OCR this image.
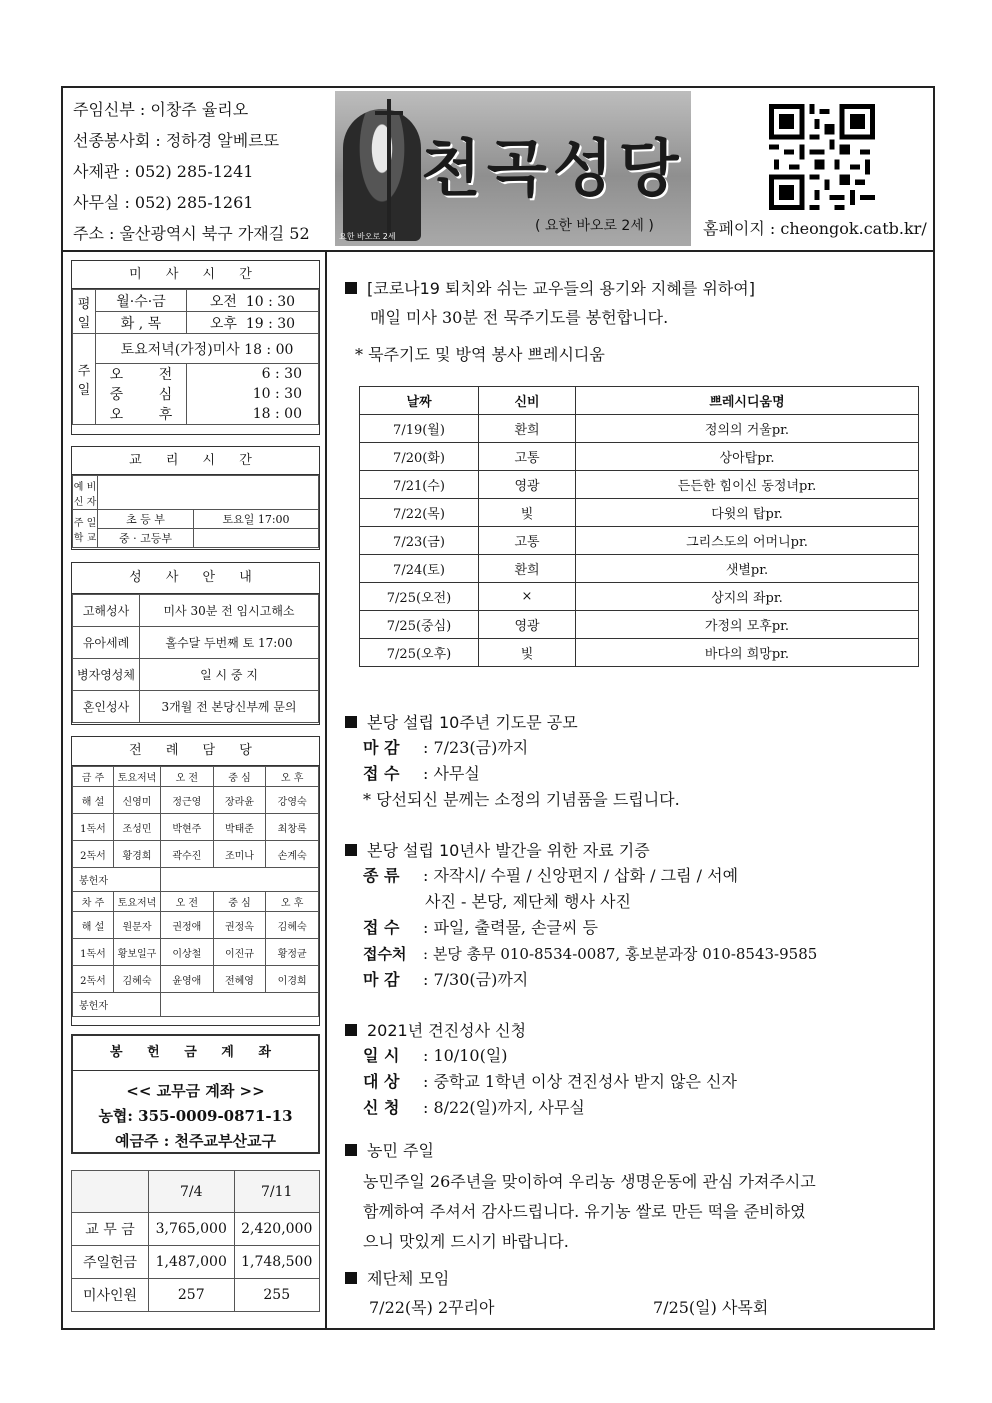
주임신부 : 이창주 율리오
선종봉사회 : 정하경 알베르또
사제관 : 052) 285-1241
사무실 : 052) 285-1261
주소 : 울산광역시 북구 가재길 52
천곡성당
( 요한 바오로 2세 )
요한 바오로 2세	홈페이지 : cheongok.catb.kr/
미 사 시 간
평일	월·수·금	오전  10 : 30
	화 , 목	오후  19 : 30
주일	토요저녁(가정)미사 18 : 00	
	오        전	6 : 30
	중        심	10 : 30
	오        후	18 : 00
교 리 시 간
예 비 신 자		
주 일 학 교	초 등 부	토요일 17:00
	중 · 고등부	
성 사 안 내
고해성사	미사 30분 전 임시고해소
유아세례	홀수달 두번째 토 17:00
병자영성체	일 시 중 지
혼인성사	3개월 전 본당신부께 문의
전 례 담 당
금 주	토요저녁	오 전	중 심	오 후
해 설	신영미	정근영	장라윤	강영숙
1독서	조성민	박현주	박태준	최창록
2독서	황경희	곽수진	조미나	손계숙
봉헌자				
차 주	토요저녁	오 전	중 심	오 후
해 설	원문자	권정애	권정옥	김혜숙
1독서	황보일구	이상철	이진규	황정균
2독서	김혜숙	윤영애	전혜영	이경희
봉헌자				
봉 헌 금 계 좌
<< 교무금 계좌 >>
농협: 355-0009-0871-13
예금주 : 천주교부산교구
	7/4	7/11
교 무 금	3,765,000	2,420,000
주일헌금	1,487,000	1,748,500
미사인원	257	255
[코로나19 퇴치와 쉬는 교우들의 용기와 지혜를 위하여]
매일 미사 30분 전 묵주기도를 봉헌합니다.
* 묵주기도 및 방역 봉사 쁘레시디움
날짜	신비	쁘레시디움명
7/19(월)	환희	정의의 거울pr.
7/20(화)	고통	상아탑pr.
7/21(수)	영광	든든한 힘이신 동정녀pr.
7/22(목)	빛	다윗의 탑pr.
7/23(금)	고통	그리스도의 어머니pr.
7/24(토)	환희	샛별pr.
7/25(오전)	×	상지의 좌pr.
7/25(중심)	영광	가정의 모후pr.
7/25(오후)	빛	바다의 희망pr.
본당 설립 10주년 기도문 공모
마 감 : 7/23(금)까지
접 수 : 사무실
* 당선되신 분께는 소정의 기념품을 드립니다.
본당 설립 10년사 발간을 위한 자료 기증
종 류 : 자작시/ 수필 / 신앙편지 / 삽화 / 그림 / 서예
사진 - 본당, 제단체 행사 사진
접 수 : 파일, 출력물, 손글씨 등
접수처 : 본당 총무 010-8534-0087, 홍보분과장 010-8543-9585
마 감 : 7/30(금)까지
2021년 견진성사 신청
일 시 : 10/10(일)
대 상 : 중학교 1학년 이상 견진성사 받지 않은 신자
신 청 : 8/22(일)까지, 사무실
농민 주일
농민주일 26주년을 맞이하여 우리농 생명운동에 관심 가져주시고
함께하여 주셔서 감사드립니다. 유기농 쌀로 만든 떡을 준비하였
으니 맛있게 드시기 바랍니다.
제단체 모임
7/22(목) 2꾸리아	7/25(일) 사목회
